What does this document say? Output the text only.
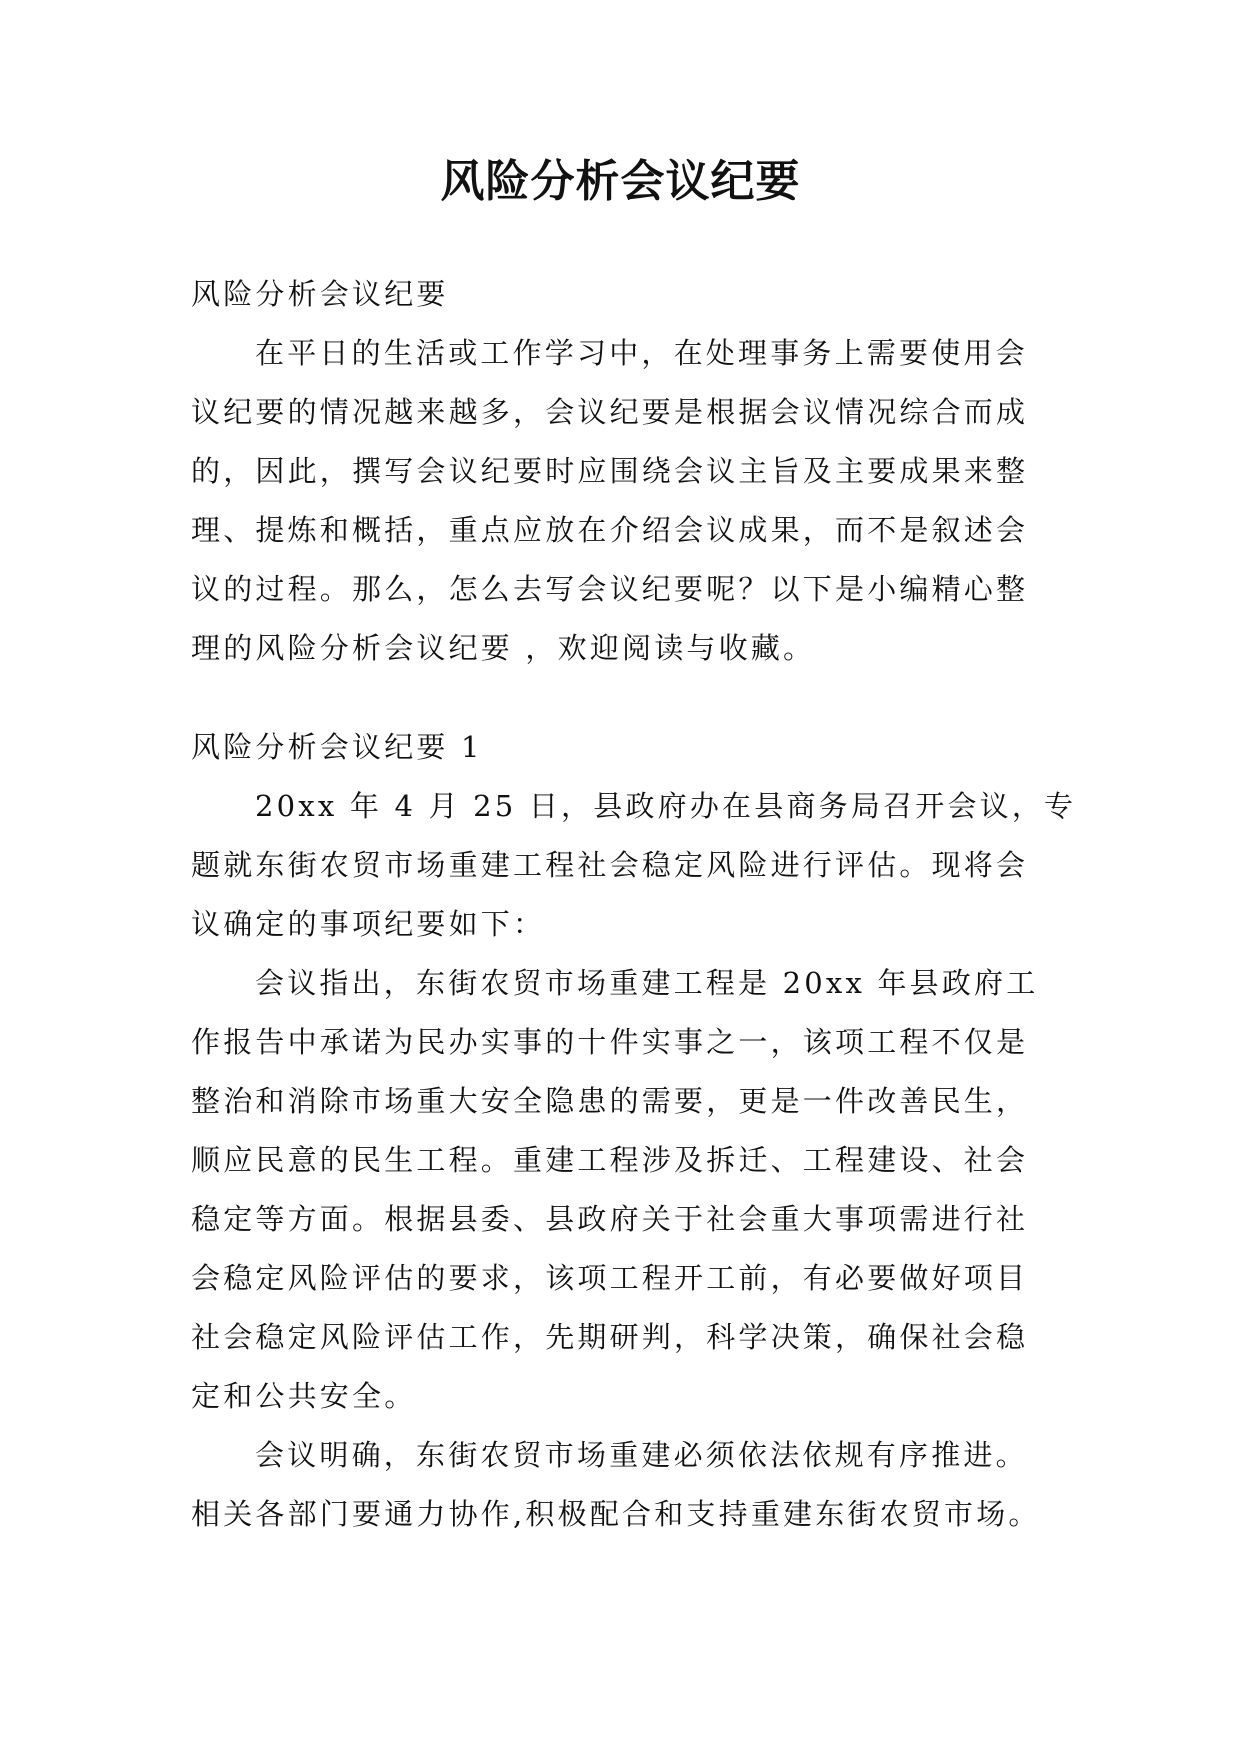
风险分析会议纪要
风险分析会议纪要
在平日的生活或工作学习中，在处理事务上需要使用会
议纪要的情况越来越多，会议纪要是根据会议情况综合而成
的，因此，撰写会议纪要时应围绕会议主旨及主要成果来整
理、提炼和概括，重点应放在介绍会议成果，而不是叙述会
议的过程。那么，怎么去写会议纪要呢？以下是小编精心整
理的风险分析会议纪要 ，欢迎阅读与收藏。
风险分析会议纪要 1
20xx 年 4 月 25 日，县政府办在县商务局召开会议，专
题就东街农贸市场重建工程社会稳定风险进行评估。现将会
议确定的事项纪要如下：
会议指出，东街农贸市场重建工程是 20xx 年县政府工
作报告中承诺为民办实事的十件实事之一，该项工程不仅是
整治和消除市场重大安全隐患的需要，更是一件改善民生，
顺应民意的民生工程。重建工程涉及拆迁、工程建设、社会
稳定等方面。根据县委、县政府关于社会重大事项需进行社
会稳定风险评估的要求，该项工程开工前，有必要做好项目
社会稳定风险评估工作，先期研判，科学决策，确保社会稳
定和公共安全。
会议明确，东街农贸市场重建必须依法依规有序推进。
相关各部门要通力协作,积极配合和支持重建东街农贸市场。
